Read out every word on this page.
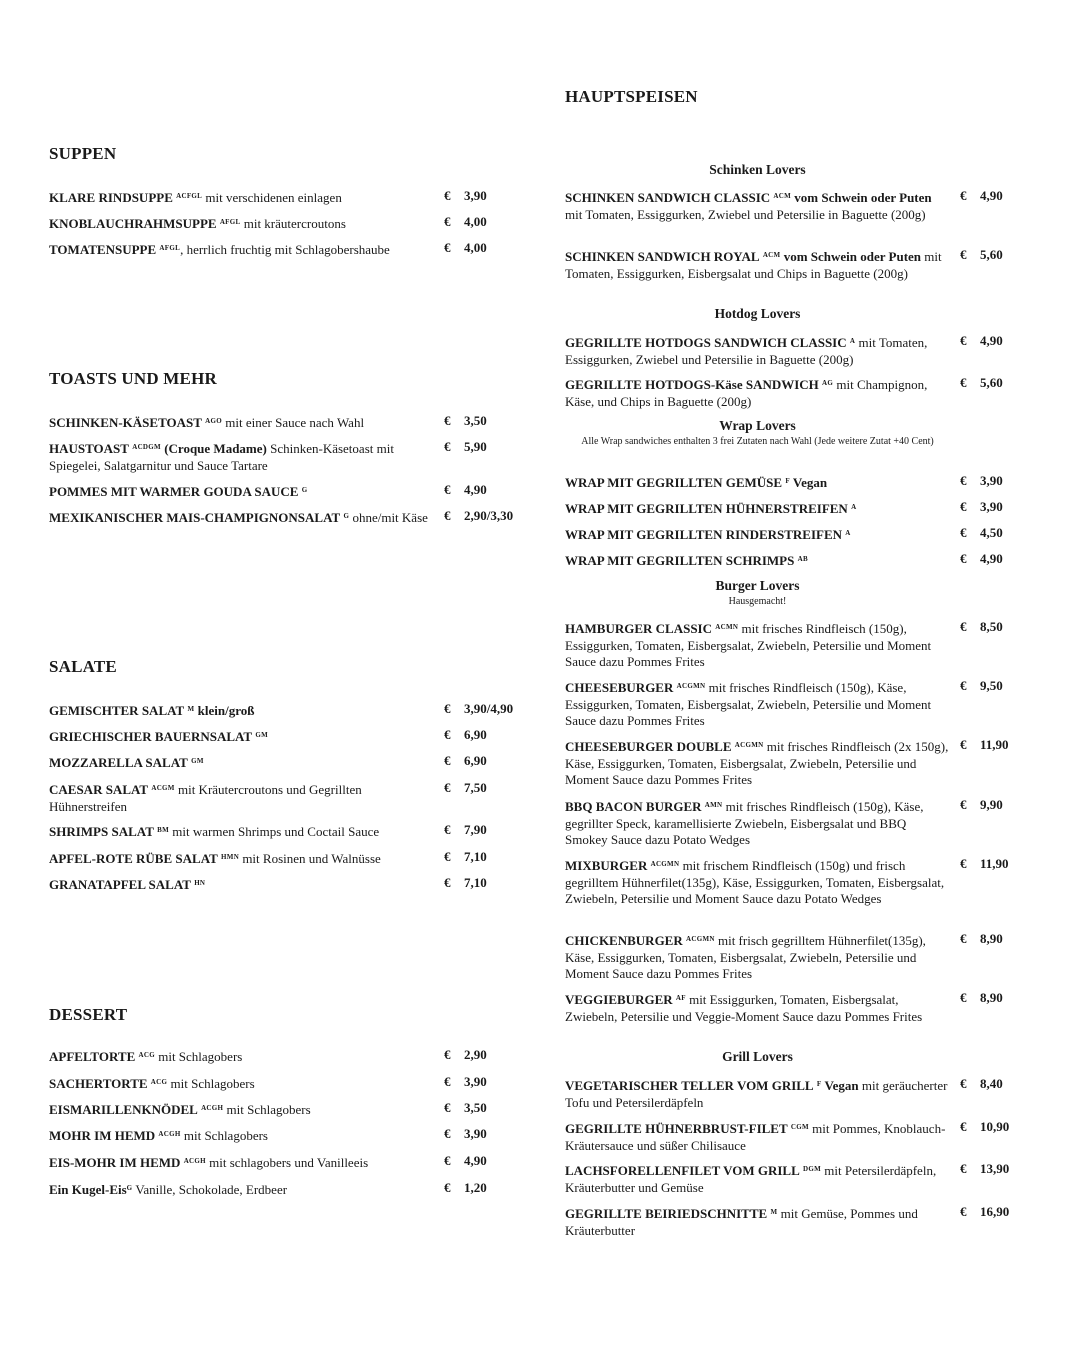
SUPPEN
KLARE RINDSUPPE $^{ACFGL}$ mit verschidenen einlagen	€ 3,90
KNOBLAUCHRAHMSUPPE $^{AFGL}$ mit kräutercroutons	€ 4,00
TOMATENSUPPE $^{AFGL}$, herrlich fruchtig mit Schlagobershaube	€ 4,00
TOASTS UND MEHR
SCHINKEN-KÄSETOAST $^{AGO}$ mit einer Sauce nach Wahl	€ 3,50
HAUSTOAST $^{ACDGM}$ (Croque Madame) Schinken-Käsetoast mit Spiegelei, Salatgarnitur und Sauce Tartare
€ 5,90
POMMES MIT WARMER GOUDA SAUCE $^G$	€ 4,90
MEXIKANISCHER MAIS-CHAMPIGNONSALAT $^G$ ohne/mit Käse € 2,90/3,30
SALATE
GEMISCHTER SALAT $^M$ klein/groß	€ 3,90/4,90
GRIECHISCHER BAUERNSALAT $^{GM}$	€ 6,90
MOZZARELLA SALAT $^{GM}$	€ 6,90
CAESAR SALAT $^{ACGM}$ mit Kräutercroutons und Gegrillten Hühnerstreifen
€ 7,50
SHRIMPS SALAT $^{BM}$ mit warmen Shrimps und Coctail Sauce	€ 7,90
APFEL-ROTE RÜBE SALAT $^{HMN}$ mit Rosinen und Walnüsse	€ 7,10
GRANATAPFEL SALAT $^{HN}$	€ 7,10
DESSERT
APFELTORTE $^{ACG}$ mit Schlagobers	€ 2,90
SACHERTORTE $^{ACG}$ mit Schlagobers	€ 3,90
EISMARILLENKNÖDEL $^{ACGH}$ mit Schlagobers	€ 3,50
MOHR IM HEMD $^{ACGH}$ mit Schlagobers	€ 3,90
EIS-MOHR IM HEMD $^{ACGH}$ mit schlagobers und Vanilleeis	€ 4,90
Ein Kugel-Eis$^G$ Vanille, Schokolade, Erdbeer	€ 1,20
HAUPTSPEISEN
Schinken Lovers
SCHINKEN SANDWICH CLASSIC $^{ACM}$ vom Schwein oder Puten mit Tomaten, Essiggurken, Zwiebel und Petersilie in Baguette (200g)
€ 4,90
SCHINKEN SANDWICH ROYAL $^{ACM}$ vom Schwein oder Puten mit Tomaten, Essiggurken, Eisbergsalat und Chips in Baguette (200g)
€ 5,60
Hotdog Lovers
GEGRILLTE HOTDOGS SANDWICH CLASSIC $^A$ mit Tomaten, Essiggurken, Zwiebel und Petersilie in Baguette (200g)
€ 4,90
GEGRILLTE HOTDOGS-Käse SANDWICH $^{AG}$ mit Champignon, Käse, und Chips in Baguette (200g)
€ 5,60
Wrap Lovers
Alle Wrap sandwiches enthalten 3 frei Zutaten nach Wahl (Jede weitere Zutat +40 Cent)
WRAP MIT GEGRILLTEN GEMÜSE $^F$ Vegan	€ 3,90
WRAP MIT GEGRILLTEN HÜHNERSTREIFEN $^A$	€ 3,90
WRAP MIT GEGRILLTEN RINDERSTREIFEN $^A$	€ 4,50
WRAP MIT GEGRILLTEN SCHRIMPS $^{AB}$	€ 4,90
Burger Lovers
Hausgemacht!
HAMBURGER CLASSIC $^{ACMN}$ mit frisches Rindfleisch (150g), Essiggurken, Tomaten, Eisbergsalat, Zwiebeln, Petersilie und Moment Sauce dazu Pommes Frites
€ 8,50
CHEESEBURGER $^{ACGMN}$ mit frisches Rindfleisch (150g), Käse, Essiggurken, Tomaten, Eisbergsalat, Zwiebeln, Petersilie und Moment Sauce dazu Pommes Frites
€ 9,50
CHEESEBURGER DOUBLE $^{ACGMN}$ mit frisches Rindfleisch (2x 150g), Käse, Essiggurken, Tomaten, Eisbergsalat, Zwiebeln, Petersilie und Moment Sauce dazu Pommes Frites
€ 11,90
BBQ BACON BURGER $^{AMN}$ mit frisches Rindfleisch (150g), Käse, gegrillter Speck, karamellisierte Zwiebeln, Eisbergsalat und BBQ Smokey Sauce dazu Potato Wedges
€ 9,90
MIXBURGER $^{ACGMN}$ mit frischem Rindfleisch (150g) und frisch gegrilltem Hühnerfilet(135g), Käse, Essiggurken, Tomaten, Eisbergsalat, Zwiebeln, Petersilie und Moment Sauce dazu Potato Wedges
€ 11,90
CHICKENBURGER $^{ACGMN}$ mit frisch gegrilltem Hühnerfilet(135g), Käse, Essiggurken, Tomaten, Eisbergsalat, Zwiebeln, Petersilie und Moment Sauce dazu Pommes Frites
€ 8,90
VEGGIEBURGER $^{AF}$ mit Essiggurken, Tomaten, Eisbergsalat, Zwiebeln, Petersilie und Veggie-Moment Sauce dazu Pommes Frites
€ 8,90
Grill Lovers
VEGETARISCHER TELLER VOM GRILL $^F$ Vegan mit geräucherter Tofu und Petersilerdäpfeln
€ 8,40
GEGRILLTE HÜHNERBRUST-FILET $^{CGM}$ mit Pommes, Knoblauch-Kräutersauce und süßer Chilisauce
€ 10,90
LACHSFORELLENFILET VOM GRILL $^{DGM}$ mit Petersilerdäpfeln, Kräuterbutter und Gemüse
€ 13,90
GEGRILLTE BEIRIEDSCHNITTE $^M$ mit Gemüse, Pommes und Kräuterbutter
€ 16,90
